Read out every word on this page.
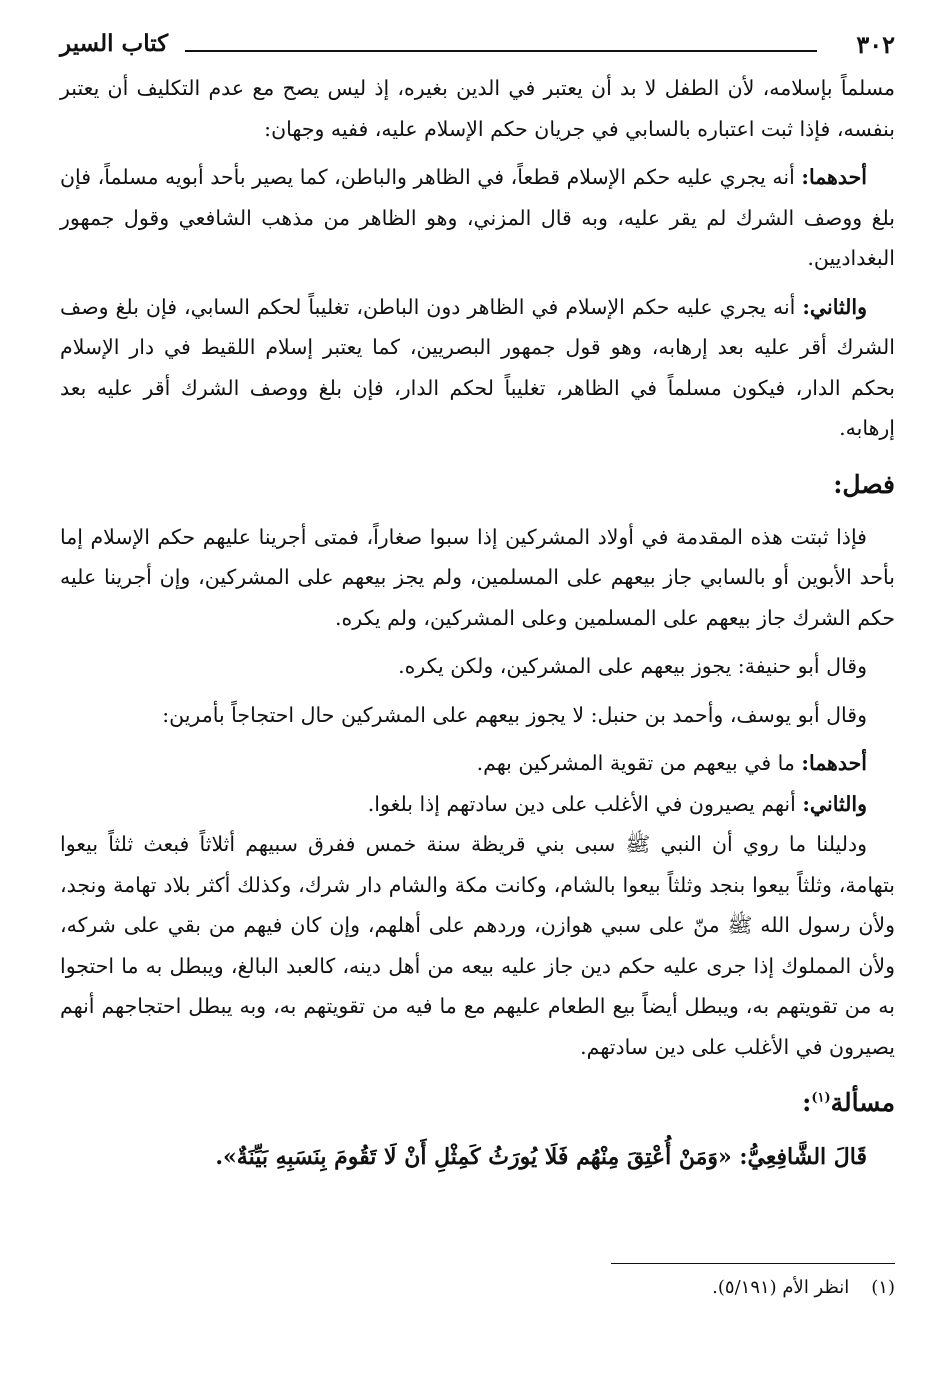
٣٠٢
كتاب السير

مسلماً بإسلامه، لأن الطفل لا بد أن يعتبر في الدين بغيره، إذ ليس يصح مع عدم التكليف أن يعتبر بنفسه، فإذا ثبت اعتباره بالسابي في جريان حكم الإسلام عليه، ففيه وجهان:

أحدهما: أنه يجري عليه حكم الإسلام قطعاً، في الظاهر والباطن، كما يصير بأحد أبويه مسلماً، فإن بلغ ووصف الشرك لم يقر عليه، وبه قال المزني، وهو الظاهر من مذهب الشافعي وقول جمهور البغداديين.

والثاني: أنه يجري عليه حكم الإسلام في الظاهر دون الباطن، تغليباً لحكم السابي، فإن بلغ وصف الشرك أقر عليه بعد إرهابه، وهو قول جمهور البصريين، كما يعتبر إسلام اللقيط في دار الإسلام بحكم الدار، فيكون مسلماً في الظاهر، تغليباً لحكم الدار، فإن بلغ ووصف الشرك أقر عليه بعد إرهابه.

فصل:

فإذا ثبتت هذه المقدمة في أولاد المشركين إذا سبوا صغاراً، فمتى أجرينا عليهم حكم الإسلام إما بأحد الأبوين أو بالسابي جاز بيعهم على المسلمين، ولم يجز بيعهم على المشركين، وإن أجرينا عليه حكم الشرك جاز بيعهم على المسلمين وعلى المشركين، ولم يكره.

وقال أبو حنيفة: يجوز بيعهم على المشركين، ولكن يكره.

وقال أبو يوسف، وأحمد بن حنبل: لا يجوز بيعهم على المشركين حال احتجاجاً بأمرين:

أحدهما: ما في بيعهم من تقوية المشركين بهم.

والثاني: أنهم يصيرون في الأغلب على دين سادتهم إذا بلغوا.

ودليلنا ما روي أن النبي ﷺ سبى بني قريظة سنة خمس ففرق سبيهم أثلاثاً فبعث ثلثاً بيعوا بتهامة، وثلثاً بيعوا بنجد وثلثاً بيعوا بالشام، وكانت مكة والشام دار شرك، وكذلك أكثر بلاد تهامة ونجد، ولأن رسول الله ﷺ منّ على سبي هوازن، وردهم على أهلهم، وإن كان فيهم من بقي على شركه، ولأن المملوك إذا جرى عليه حكم دين جاز عليه بيعه من أهل دينه، كالعبد البالغ، ويبطل به ما احتجوا به من تقويتهم به، ويبطل أيضاً بيع الطعام عليهم مع ما فيه من تقويتهم به، وبه يبطل احتجاجهم أنهم يصيرون في الأغلب على دين سادتهم.

مسألة$^{(١)}$:
قَالَ الشَّافِعِيُّ: «وَمَنْ أُعْتِقَ مِنْهُم فَلَا يُورَثُ كَمِثْلِ أَنْ لَا تَقُومَ بِنَسَبِهِ بَيِّنَةٌ».
(١)انظر الأم (٥/١٩١).
